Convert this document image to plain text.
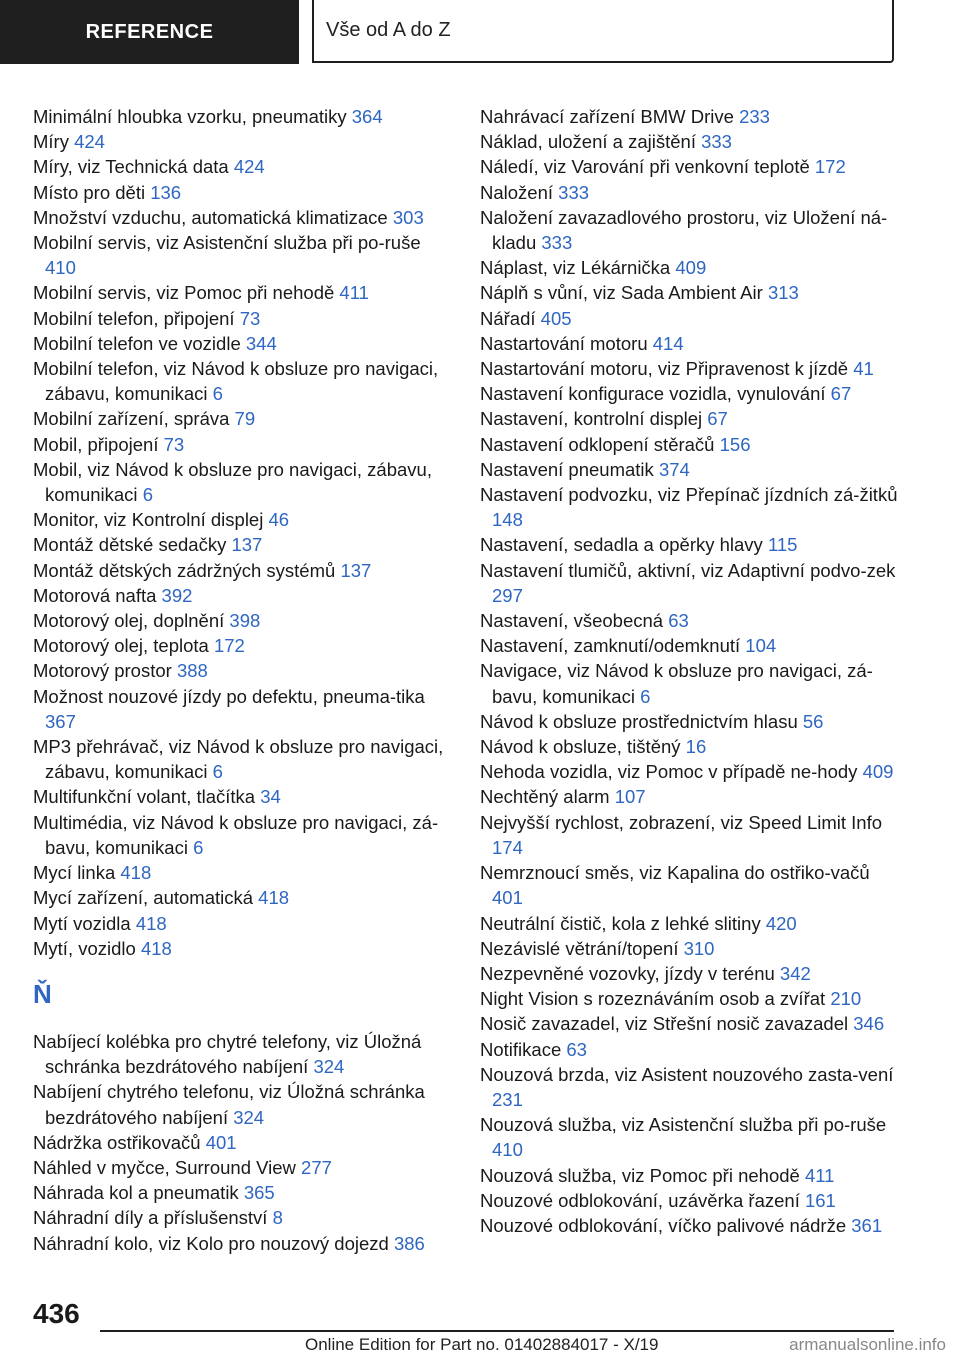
REFERENCE	Vše od A do Z

Minimální hloubka vzorku, pneumatiky 364

Míry 424

Míry, viz Technická data 424

Místo pro děti 136

Množství vzduchu, automatická klimatizace 303

Mobilní servis, viz Asistenční služba při po-ruše 410

Mobilní servis, viz Pomoc při nehodě 411

Mobilní telefon, připojení 73

Mobilní telefon ve vozidle 344

Mobilní telefon, viz Návod k obsluze pro navigaci, zábavu, komunikaci 6

Mobilní zařízení, správa 79

Mobil, připojení 73

Mobil, viz Návod k obsluze pro navigaci, zábavu, komunikaci 6

Monitor, viz Kontrolní displej 46

Montáž dětské sedačky 137

Montáž dětských zádržných systémů 137

Motorová nafta 392

Motorový olej, doplnění 398

Motorový olej, teplota 172

Motorový prostor 388

Možnost nouzové jízdy po defektu, pneuma-tika 367

MP3 přehrávač, viz Návod k obsluze pro navigaci, zábavu, komunikaci 6

Multifunkční volant, tlačítka 34

Multimédia, viz Návod k obsluze pro navigaci, zá-bavu, komunikaci 6

Mycí linka 418

Mycí zařízení, automatická 418

Mytí vozidla 418

Mytí, vozidlo 418

Ň

Nabíjecí kolébka pro chytré telefony, viz Úložná schránka bezdrátového nabíjení 324

Nabíjení chytrého telefonu, viz Úložná schránka bezdrátového nabíjení 324

Nádržka ostřikovačů 401

Náhled v myčce, Surround View 277

Náhrada kol a pneumatik 365

Náhradní díly a příslušenství 8

Náhradní kolo, viz Kolo pro nouzový dojezd 386

Nahrávací zařízení BMW Drive 233

Náklad, uložení a zajištění 333

Náledí, viz Varování při venkovní teplotě 172

Naložení 333

Naložení zavazadlového prostoru, viz Uložení ná-kladu 333

Náplast, viz Lékárnička 409

Náplň s vůní, viz Sada Ambient Air 313

Nářadí 405

Nastartování motoru 414

Nastartování motoru, viz Připravenost k jízdě 41

Nastavení konfigurace vozidla, vynulování 67

Nastavení, kontrolní displej 67

Nastavení odklopení stěračů 156

Nastavení pneumatik 374

Nastavení podvozku, viz Přepínač jízdních zá-žitků 148

Nastavení, sedadla a opěrky hlavy 115

Nastavení tlumičů, aktivní, viz Adaptivní podvo-zek 297

Nastavení, všeobecná 63

Nastavení, zamknutí/odemknutí 104

Navigace, viz Návod k obsluze pro navigaci, zá-bavu, komunikaci 6

Návod k obsluze prostřednictvím hlasu 56

Návod k obsluze, tištěný 16

Nehoda vozidla, viz Pomoc v případě ne-hody 409

Nechtěný alarm 107

Nejvyšší rychlost, zobrazení, viz Speed Limit Info 174

Nemrznoucí směs, viz Kapalina do ostřiko-vačů 401

Neutrální čistič, kola z lehké slitiny 420

Nezávislé větrání/topení 310

Nezpevněné vozovky, jízdy v terénu 342

Night Vision s rozeznáváním osob a zvířat 210

Nosič zavazadel, viz Střešní nosič zavazadel 346

Notifikace 63

Nouzová brzda, viz Asistent nouzového zasta-vení 231

Nouzová služba, viz Asistenční služba při po-ruše 410

Nouzová služba, viz Pomoc při nehodě 411

Nouzové odblokování, uzávěrka řazení 161

Nouzové odblokování, víčko palivové nádrže 361

436
Online Edition for Part no. 01402884017 - X/19	armanualsonline.info
